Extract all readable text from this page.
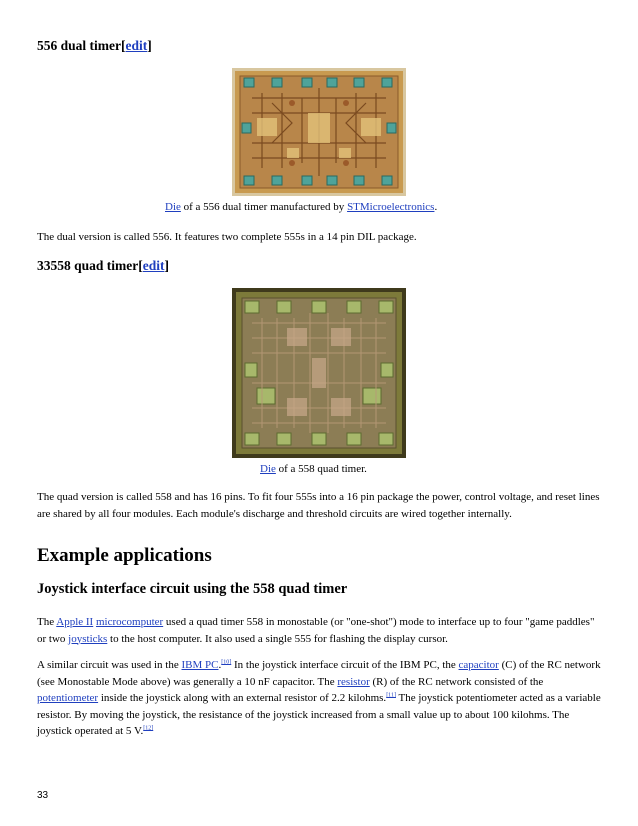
556 dual timer[edit]
Die of a 556 dual timer manufactured by STMicroelectronics.
The dual version is called 556. It features two complete 555s in a 14 pin DIL package.
33558 quad timer[edit]
Die of a 558 quad timer.
The quad version is called 558 and has 16 pins. To fit four 555s into a 16 pin package the power, control voltage, and reset lines are shared by all four modules. Each module's discharge and threshold circuits are wired together internally.
Example applications
Joystick interface circuit using the 558 quad timer
The Apple II microcomputer used a quad timer 558 in monostable (or "one-shot") mode to interface up to four "game paddles" or two joysticks to the host computer. It also used a single 555 for flashing the display cursor.
A similar circuit was used in the IBM PC.[10] In the joystick interface circuit of the IBM PC, the capacitor (C) of the RC network (see Monostable Mode above) was generally a 10 nF capacitor. The resistor (R) of the RC network consisted of the potentiometer inside the joystick along with an external resistor of 2.2 kilohms.[11] The joystick potentiometer acted as a variable resistor. By moving the joystick, the resistance of the joystick increased from a small value up to about 100 kilohms. The joystick operated at 5 V.[12]
33
